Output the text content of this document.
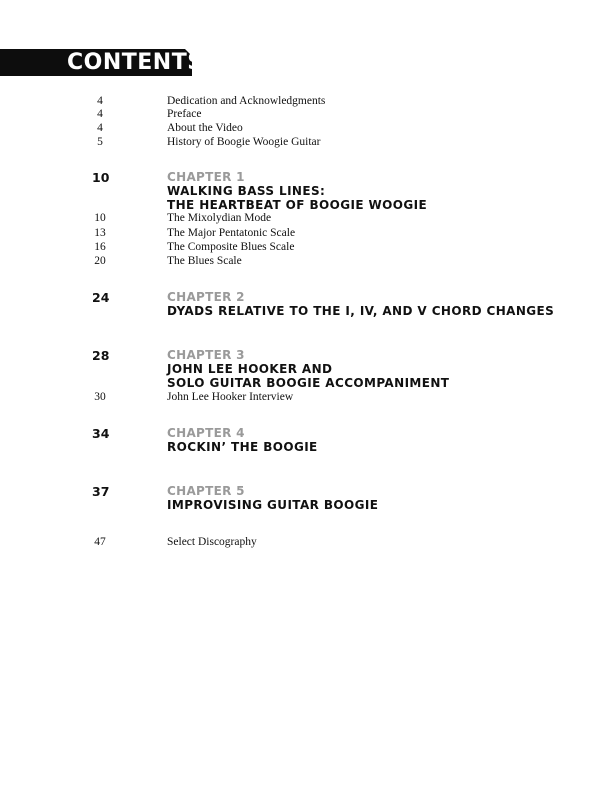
CONTENTS
4	Dedication and Acknowledgments
4	Preface
4	About the Video
5	History of Boogie Woogie Guitar
10	CHAPTER 1
WALKING BASS LINES:
THE HEARTBEAT OF BOOGIE WOOGIE
10	The Mixolydian Mode
13	The Major Pentatonic Scale
16	The Composite Blues Scale
20	The Blues Scale
24	CHAPTER 2
DYADS RELATIVE TO THE I, IV, AND V CHORD CHANGES
28	CHAPTER 3
JOHN LEE HOOKER AND
SOLO GUITAR BOOGIE ACCOMPANIMENT
30	John Lee Hooker Interview
34	CHAPTER 4
ROCKIN’ THE BOOGIE
37	CHAPTER 5
IMPROVISING GUITAR BOOGIE
47	Select Discography
